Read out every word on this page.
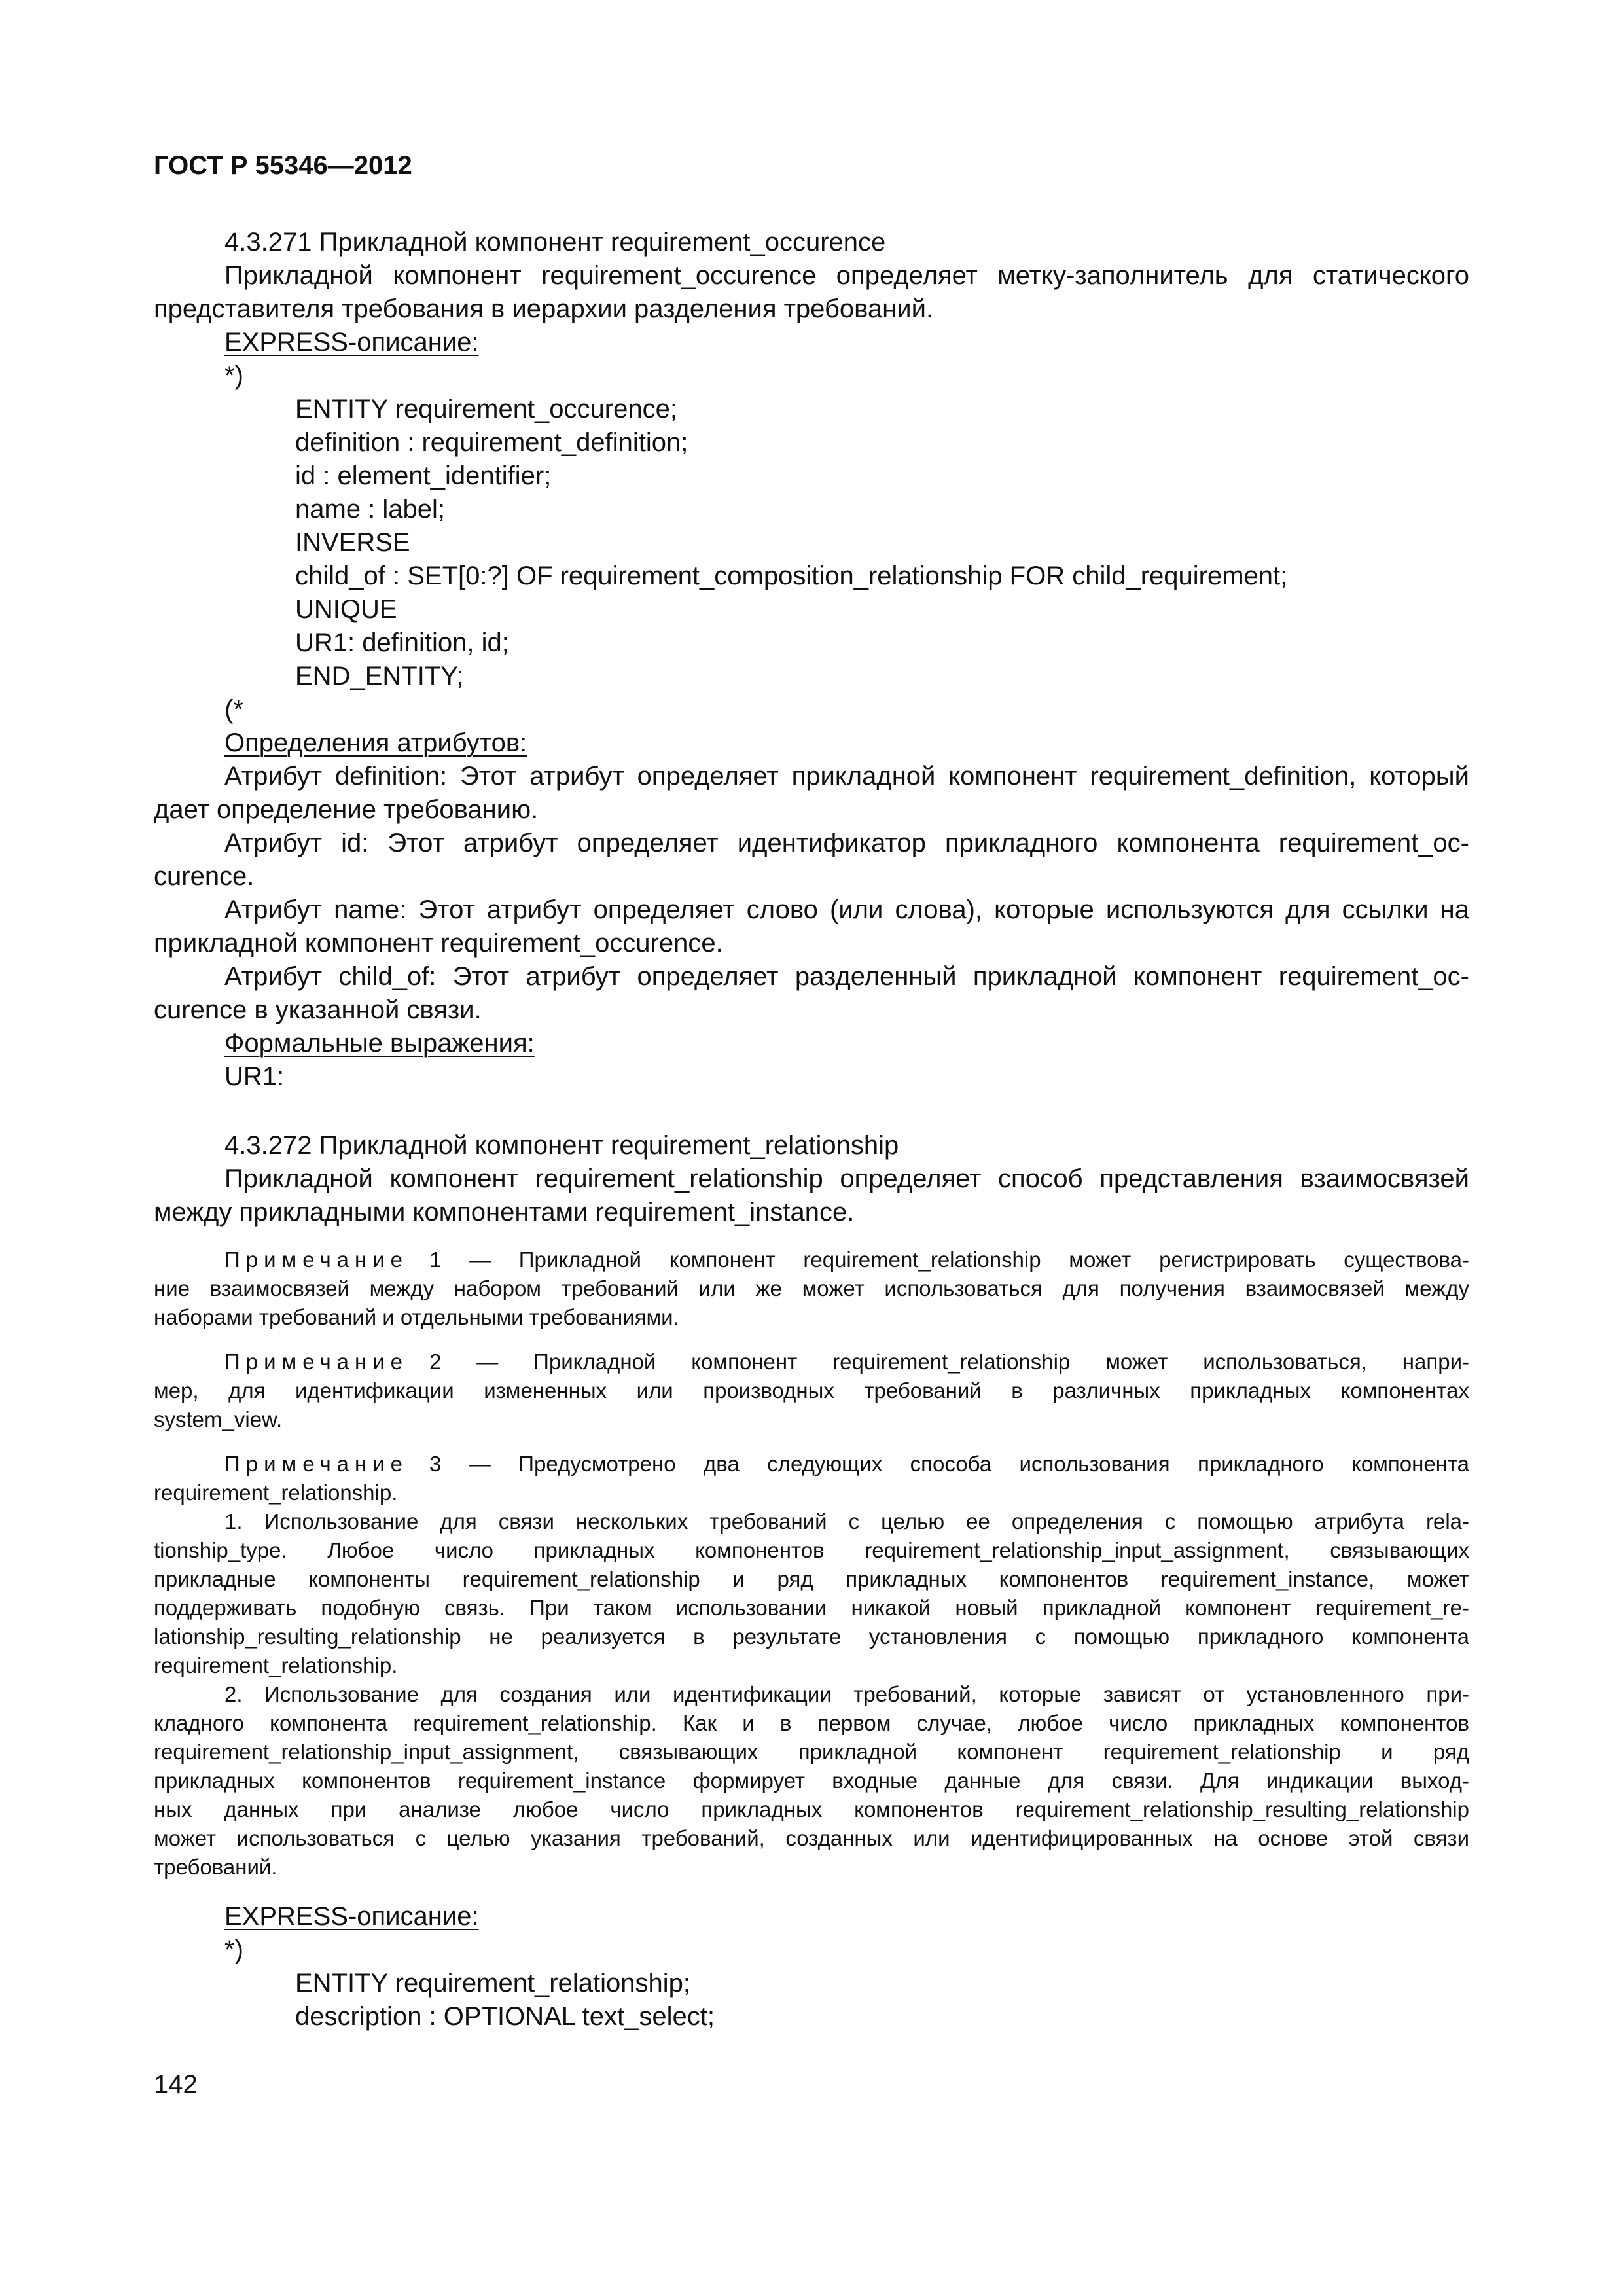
ГОСТ Р 55346—2012
4.3.271 Прикладной компонент requirement_occurence
Прикладной компонент requirement_occurence определяет метку-заполнитель для статического
представителя требования в иерархии разделения требований.
EXPRESS-описание:
*)
ENTITY requirement_occurence;
definition : requirement_definition;
id : element_identifier;
name : label;
INVERSE
child_of : SET[0:?] OF requirement_composition_relationship FOR child_requirement;
UNIQUE
UR1: definition, id;
END_ENTITY;
(*
Определения атрибутов:
Атрибут definition: Этот атрибут определяет прикладной компонент requirement_definition, который
дает определение требованию.
Атрибут id: Этот атрибут определяет идентификатор прикладного компонента requirement_oc-
curence.
Атрибут name: Этот атрибут определяет слово (или слова), которые используются для ссылки на
прикладной компонент requirement_occurence.
Атрибут child_of: Этот атрибут определяет разделенный прикладной компонент requirement_oc-
curence в указанной связи.
Формальные выражения:
UR1:
4.3.272 Прикладной компонент requirement_relationship
Прикладной компонент requirement_relationship определяет способ представления взаимосвязей
между прикладными компонентами requirement_instance.
Примечание 1 — Прикладной компонент requirement_relationship может регистрировать существова-
ние взаимосвязей между набором требований или же может использоваться для получения взаимосвязей между
наборами требований и отдельными требованиями.
Примечание 2 — Прикладной компонент requirement_relationship может использоваться, напри-
мер, для идентификации измененных или производных требований в различных прикладных компонентах
system_view.
Примечание 3 — Предусмотрено два следующих способа использования прикладного компонента
requirement_relationship.
1. Использование для связи нескольких требований с целью ее определения с помощью атрибута rela-
tionship_type. Любое число прикладных компонентов requirement_relationship_input_assignment, связывающих
прикладные компоненты requirement_relationship и ряд прикладных компонентов requirement_instance, может
поддерживать подобную связь. При таком использовании никакой новый прикладной компонент requirement_re-
lationship_resulting_relationship не реализуется в результате установления с помощью прикладного компонента
requirement_relationship.
2. Использование для создания или идентификации требований, которые зависят от установленного при-
кладного компонента requirement_relationship. Как и в первом случае, любое число прикладных компонентов
requirement_relationship_input_assignment, связывающих прикладной компонент requirement_relationship и ряд
прикладных компонентов requirement_instance формирует входные данные для связи. Для индикации выход-
ных данных при анализе любое число прикладных компонентов requirement_relationship_resulting_relationship
может использоваться с целью указания требований, созданных или идентифицированных на основе этой связи
требований.
EXPRESS-описание:
*)
ENTITY requirement_relationship;
description : OPTIONAL text_select;
142
